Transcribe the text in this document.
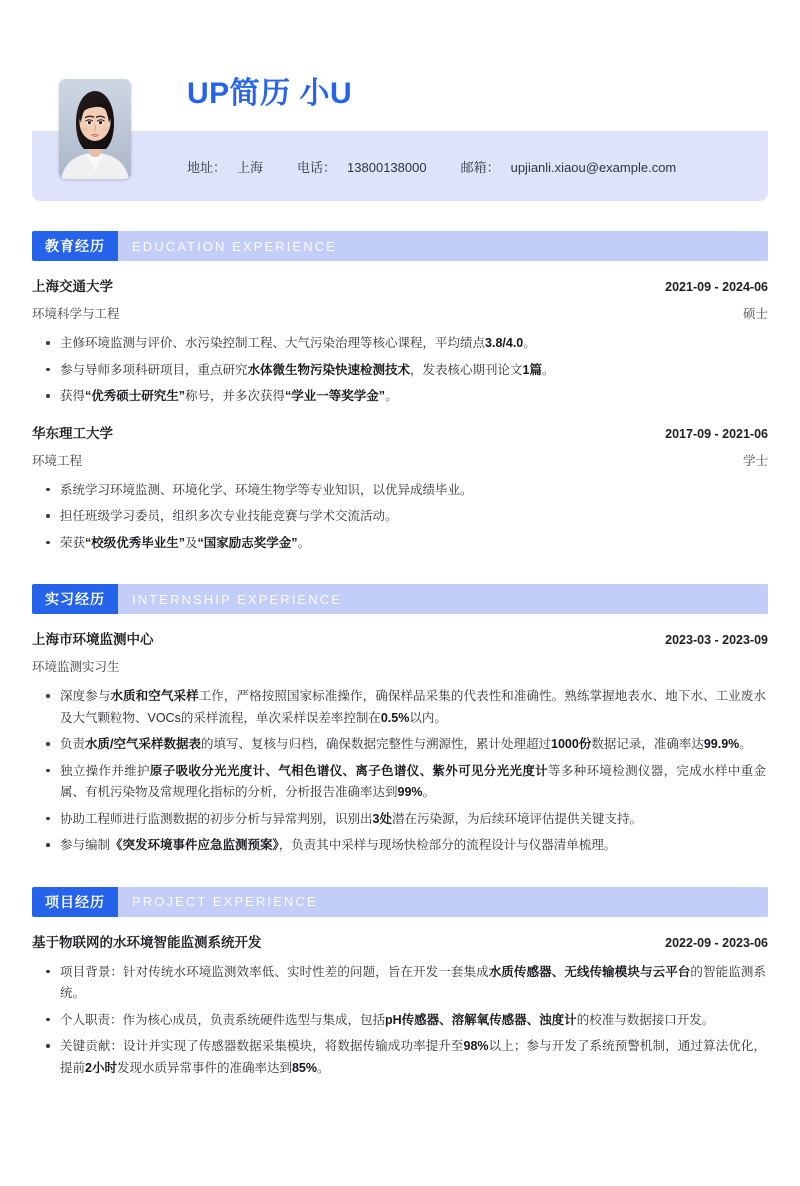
UP简历 小U
地址： 上海	电话： 13800138000	邮箱： upjianli.xiaou@example.com
教育经历	EDUCATION EXPERIENCE
上海交通大学	2021-09 - 2024-06
环境科学与工程	硕士
主修环境监测与评价、水污染控制工程、大气污染治理等核心课程，平均绩点3.8/4.0。
参与导师多项科研项目，重点研究水体微生物污染快速检测技术，发表核心期刊论文1篇。
获得“优秀硕士研究生”称号，并多次获得“学业一等奖学金”。
华东理工大学	2017-09 - 2021-06
环境工程	学士
系统学习环境监测、环境化学、环境生物学等专业知识，以优异成绩毕业。
担任班级学习委员，组织多次专业技能竞赛与学术交流活动。
荣获“校级优秀毕业生”及“国家励志奖学金”。
实习经历	INTERNSHIP EXPERIENCE
上海市环境监测中心	2023-03 - 2023-09
环境监测实习生
深度参与水质和空气采样工作，严格按照国家标准操作，确保样品采集的代表性和准确性。熟练掌握地表水、地下水、工业废水及大气颗粒物、VOCs的采样流程，单次采样误差率控制在0.5%以内。
负责水质/空气采样数据表的填写、复核与归档，确保数据完整性与溯源性，累计处理超过1000份数据记录，准确率达99.9%。
独立操作并维护原子吸收分光光度计、气相色谱仪、离子色谱仪、紫外可见分光光度计等多种环境检测仪器，完成水样中重金属、有机污染物及常规理化指标的分析，分析报告准确率达到99%。
协助工程师进行监测数据的初步分析与异常判别，识别出3处潜在污染源，为后续环境评估提供关键支持。
参与编制《突发环境事件应急监测预案》，负责其中采样与现场快检部分的流程设计与仪器清单梳理。
项目经历	PROJECT EXPERIENCE
基于物联网的水环境智能监测系统开发	2022-09 - 2023-06
项目背景：针对传统水环境监测效率低、实时性差的问题，旨在开发一套集成水质传感器、无线传输模块与云平台的智能监测系统。
个人职责：作为核心成员，负责系统硬件选型与集成，包括pH传感器、溶解氧传感器、浊度计的校准与数据接口开发。
关键贡献：设计并实现了传感器数据采集模块，将数据传输成功率提升至98%以上；参与开发了系统预警机制，通过算法优化，提前2小时发现水质异常事件的准确率达到85%。
